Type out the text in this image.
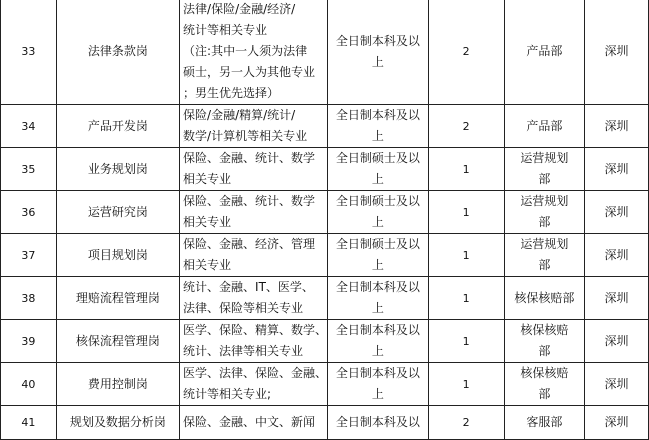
33	法律条款岗	法律/保险/金融/经济/
统计等相关专业
（注:其中一人须为法律
硕士，另一人为其他专业
；男生优先选择）	全日制本科及以
上	2	产品部	深圳

34	产品开发岗	保险/金融/精算/统计/
数学/计算机等相关专业	全日制本科及以
上	2	产品部	深圳

35	业务规划岗	保险、金融、统计、数学
相关专业	全日制硕士及以
上	1	运营规划
部	深圳

36	运营研究岗	保险、金融、统计、数学
相关专业	全日制硕士及以
上	1	运营规划
部	深圳

37	项目规划岗	保险、金融、经济、管理
相关专业	全日制硕士及以
上	1	运营规划
部	深圳

38	理赔流程管理岗	统计、金融、IT、医学、
法律、保险等相关专业	全日制本科及以
上	1	核保核赔部	深圳

39	核保流程管理岗	医学、保险、精算、数学、
统计、法律等相关专业	全日制本科及以
上	1	核保核赔
部	深圳

40	费用控制岗	医学、法律、保险、金融、
统计等相关专业;	全日制本科及以
上	1	核保核赔
部	深圳

41	规划及数据分析岗	保险、金融、中文、新闻	全日制本科及以	2	客服部	深圳
